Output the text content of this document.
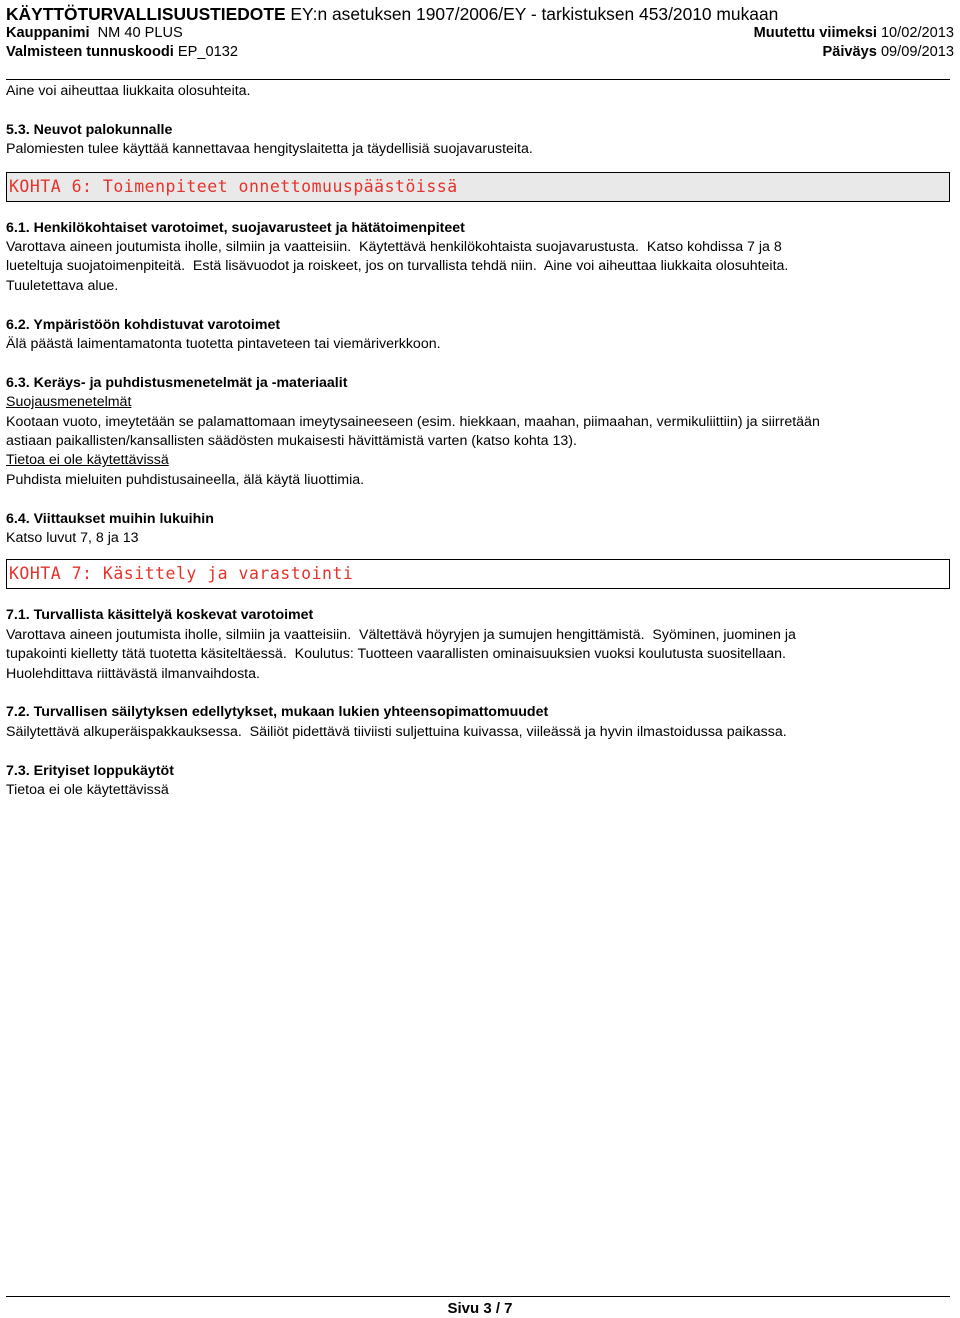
KÄYTTÖTURVALLISUUSTIEDOTE EY:n asetuksen 1907/2006/EY - tarkistuksen 453/2010 mukaan
Kauppanimi  NM 40 PLUS	Muutettu viimeksi 10/02/2013
Valmisteen tunnuskoodi EP_0132	Päiväys 09/09/2013

Aine voi aiheuttaa liukkaita olosuhteita.

5.3. Neuvot palokunnalle

Palomiesten tulee käyttää kannettavaa hengityslaitetta ja täydellisiä suojavarusteita.

KOHTA 6: Toimenpiteet onnettomuuspäästöissä

6.1. Henkilökohtaiset varotoimet, suojavarusteet ja hätätoimenpiteet

Varottava aineen joutumista iholle, silmiin ja vaatteisiin.  Käytettävä henkilökohtaista suojavarustusta.  Katso kohdissa 7 ja 8

lueteltuja suojatoimenpiteitä.  Estä lisävuodot ja roiskeet, jos on turvallista tehdä niin.  Aine voi aiheuttaa liukkaita olosuhteita.

Tuuletettava alue.

6.2. Ympäristöön kohdistuvat varotoimet

Älä päästä laimentamatonta tuotetta pintaveteen tai viemäriverkkoon.

6.3. Keräys- ja puhdistusmenetelmät ja -materiaalit

Suojausmenetelmät

Kootaan vuoto, imeytetään se palamattomaan imeytysaineeseen (esim. hiekkaan, maahan, piimaahan, vermikuliittiin) ja siirretään

astiaan paikallisten/kansallisten säädösten mukaisesti hävittämistä varten (katso kohta 13).

Tietoa ei ole käytettävissä

Puhdista mieluiten puhdistusaineella, älä käytä liuottimia.

6.4. Viittaukset muihin lukuihin

Katso luvut 7, 8 ja 13

KOHTA 7: Käsittely ja varastointi

7.1. Turvallista käsittelyä koskevat varotoimet

Varottava aineen joutumista iholle, silmiin ja vaatteisiin.  Vältettävä höyryjen ja sumujen hengittämistä.  Syöminen, juominen ja

tupakointi kielletty tätä tuotetta käsiteltäessä.  Koulutus: Tuotteen vaarallisten ominaisuuksien vuoksi koulutusta suositellaan.

Huolehdittava riittävästä ilmanvaihdosta.

7.2. Turvallisen säilytyksen edellytykset, mukaan lukien yhteensopimattomuudet

Säilytettävä alkuperäispakkauksessa.  Säiliöt pidettävä tiiviisti suljettuina kuivassa, viileässä ja hyvin ilmastoidussa paikassa.

7.3. Erityiset loppukäytöt

Tietoa ei ole käytettävissä

Sivu 3 / 7
